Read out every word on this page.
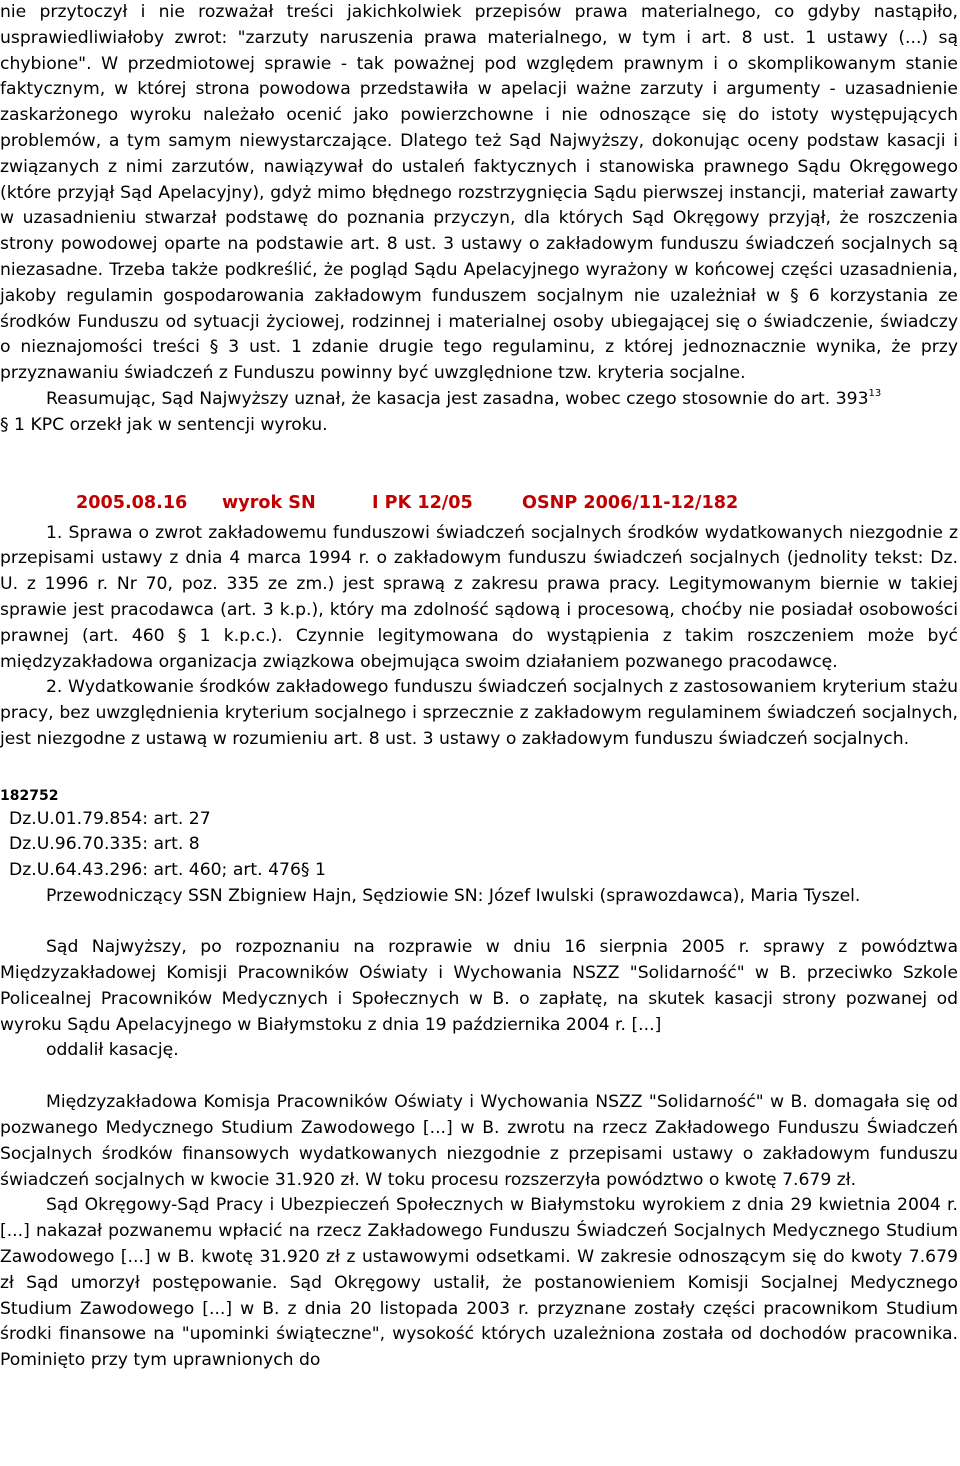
nie przytoczył i nie rozważał treści jakichkolwiek przepisów prawa materialnego, co gdyby nastąpiło, usprawiedliwiałoby zwrot: "zarzuty naruszenia prawa materialnego, w tym i art. 8 ust. 1 ustawy (...) są chybione". W przedmiotowej sprawie - tak poważnej pod względem prawnym i o skomplikowanym stanie faktycznym, w której strona powodowa przedstawiła w apelacji ważne zarzuty i argumenty - uzasadnienie zaskarżonego wyroku należało ocenić jako powierzchowne i nie odnoszące się do istoty występujących problemów, a tym samym niewystarczające. Dlatego też Sąd Najwyższy, dokonując oceny podstaw kasacji i związanych z nimi zarzutów, nawiązywał do ustaleń faktycznych i stanowiska prawnego Sądu Okręgowego (które przyjął Sąd Apelacyjny), gdyż mimo błędnego rozstrzygnięcia Sądu pierwszej instancji, materiał zawarty w uzasadnieniu stwarzał podstawę do poznania przyczyn, dla których Sąd Okręgowy przyjął, że roszczenia strony powodowej oparte na podstawie art. 8 ust. 3 ustawy o zakładowym funduszu świadczeń socjalnych są niezasadne. Trzeba także podkreślić, że pogląd Sądu Apelacyjnego wyrażony w końcowej części uzasadnienia, jakoby regulamin gospodarowania zakładowym funduszem socjalnym nie uzależniał w § 6 korzystania ze środków Funduszu od sytuacji życiowej, rodzinnej i materialnej osoby ubiegającej się o świadczenie, świadczy o nieznajomości treści § 3 ust. 1 zdanie drugie tego regulaminu, z której jednoznacznie wynika, że przy przyznawaniu świadczeń z Funduszu powinny być uwzględnione tzw. kryteria socjalne.

Reasumując, Sąd Najwyższy uznał, że kasacja jest zasadna, wobec czego stosownie do art. $393^{13}$
§ 1 KPC orzekł jak w sentencji wyroku.

2005.08.16 wyrok SN	I PK 12/05	OSNP 2006/11-12/182

1. Sprawa o zwrot zakładowemu funduszowi świadczeń socjalnych środków wydatkowanych niezgodnie z przepisami ustawy z dnia 4 marca 1994 r. o zakładowym funduszu świadczeń socjalnych (jednolity tekst: Dz. U. z 1996 r. Nr 70, poz. 335 ze zm.) jest sprawą z zakresu prawa pracy. Legitymowanym biernie w takiej sprawie jest pracodawca (art. 3 k.p.), który ma zdolność sądową i procesową, choćby nie posiadał osobowości prawnej (art. 460 § 1 k.p.c.). Czynnie legitymowana do wystąpienia z takim roszczeniem może być międzyzakładowa organizacja związkowa obejmująca swoim działaniem pozwanego pracodawcę.

2. Wydatkowanie środków zakładowego funduszu świadczeń socjalnych z zastosowaniem kryterium stażu pracy, bez uwzględnienia kryterium socjalnego i sprzecznie z zakładowym regulaminem świadczeń socjalnych, jest niezgodne z ustawą w rozumieniu art. 8 ust. 3 ustawy o zakładowym funduszu świadczeń socjalnych.

182752
Dz.U.01.79.854: art. 27
Dz.U.96.70.335: art. 8
Dz.U.64.43.296: art. 460; art. 476§ 1
Przewodniczący SSN Zbigniew Hajn, Sędziowie SN: Józef Iwulski (sprawozdawca), Maria Tyszel.

Sąd Najwyższy, po rozpoznaniu na rozprawie w dniu 16 sierpnia 2005 r. sprawy z powództwa Międzyzakładowej Komisji Pracowników Oświaty i Wychowania NSZZ "Solidarność" w B. przeciwko Szkole Policealnej Pracowników Medycznych i Społecznych w B. o zapłatę, na skutek kasacji strony pozwanej od wyroku Sądu Apelacyjnego w Białymstoku z dnia 19 października 2004 r. [...]

oddalił kasację.

Międzyzakładowa Komisja Pracowników Oświaty i Wychowania NSZZ "Solidarność" w B. domagała się od pozwanego Medycznego Studium Zawodowego [...] w B. zwrotu na rzecz Zakładowego Funduszu Świadczeń Socjalnych środków finansowych wydatkowanych niezgodnie z przepisami ustawy o zakładowym funduszu świadczeń socjalnych w kwocie 31.920 zł. W toku procesu rozszerzyła powództwo o kwotę 7.679 zł.

Sąd Okręgowy-Sąd Pracy i Ubezpieczeń Społecznych w Białymstoku wyrokiem z dnia 29 kwietnia 2004 r. [...] nakazał pozwanemu wpłacić na rzecz Zakładowego Funduszu Świadczeń Socjalnych Medycznego Studium Zawodowego [...] w B. kwotę 31.920 zł z ustawowymi odsetkami. W zakresie odnoszącym się do kwoty 7.679 zł Sąd umorzył postępowanie. Sąd Okręgowy ustalił, że postanowieniem Komisji Socjalnej Medycznego Studium Zawodowego [...] w B. z dnia 20 listopada 2003 r. przyznane zostały części pracownikom Studium środki finansowe na "upominki świąteczne", wysokość których uzależniona została od dochodów pracownika. Pominięto przy tym uprawnionych do
